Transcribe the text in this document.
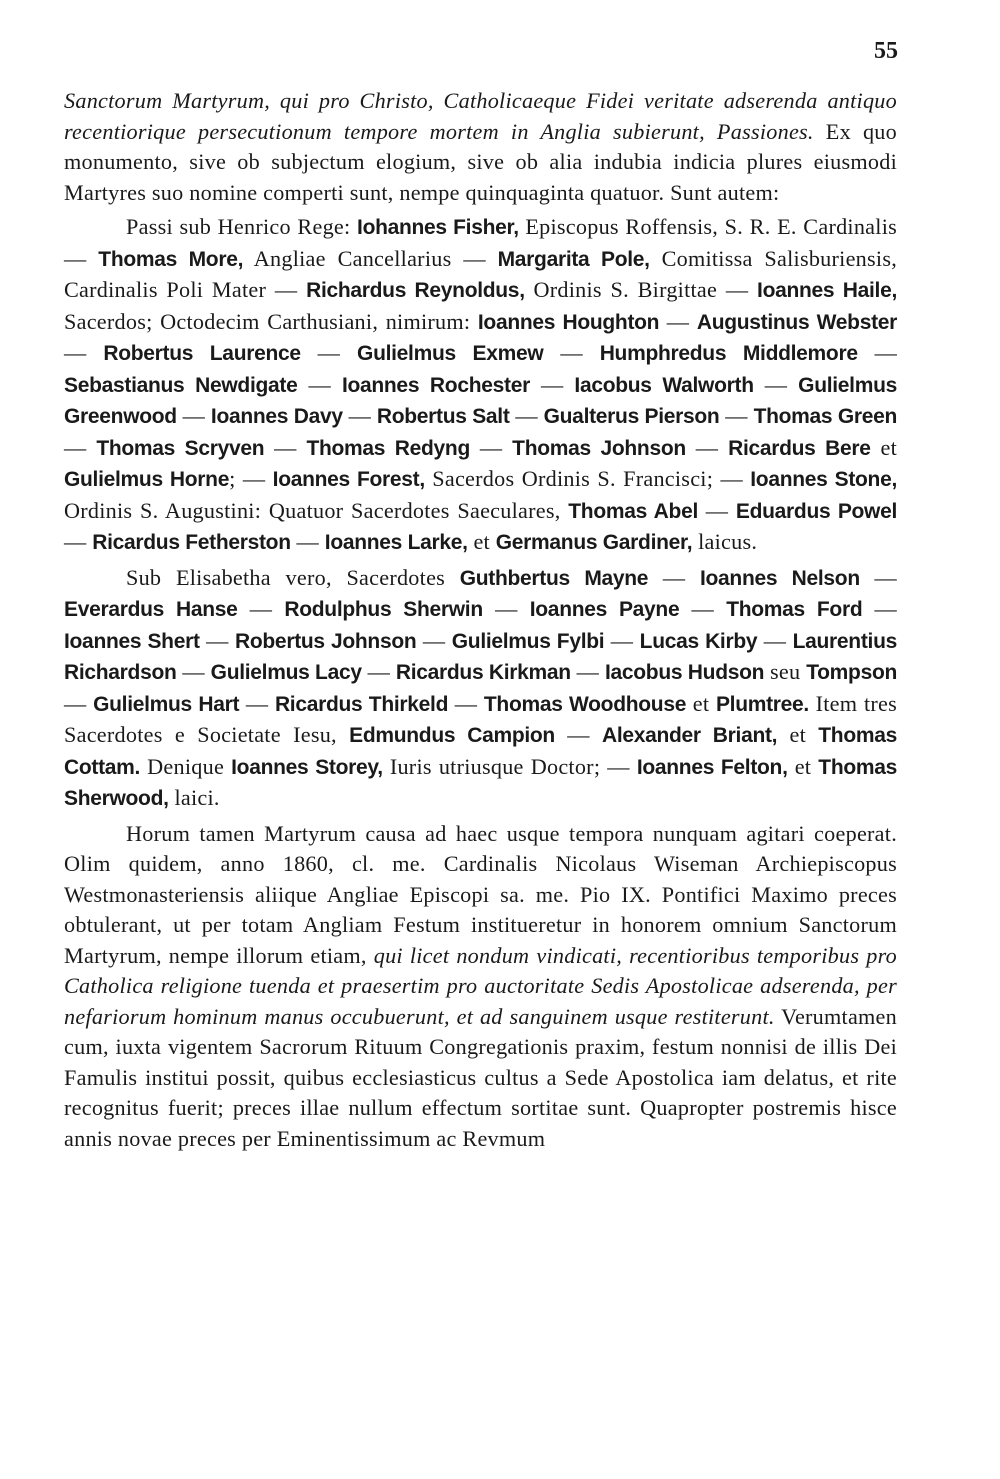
55

Sanctorum Martyrum, qui pro Christo, Catholicaeque Fidei veritate adserenda antiquo recentiorique persecutionum tempore mortem in Anglia subierunt, Passiones. Ex quo monumento, sive ob subjectum elogium, sive ob alia indubia indicia plures eiusmodi Martyres suo nomine comperti sunt, nempe quinquaginta quatuor. Sunt autem:

Passi sub Henrico Rege: Iohannes Fisher, Episcopus Roffensis, S. R. E. Cardinalis — Thomas More, Angliae Cancellarius — Margarita Pole, Comitissa Salisburiensis, Cardinalis Poli Mater — Richardus Reynoldus, Ordinis S. Birgittae — Ioannes Haile, Sacerdos; Octodecim Carthusiani, nimirum: Ioannes Houghton — Augustinus Webster — Robertus Laurence — Gulielmus Exmew — Humphredus Middlemore — Sebastianus Newdigate — Ioannes Rochester — Iacobus Walworth — Gulielmus Greenwood — Ioannes Davy — Robertus Salt — Gualterus Pierson — Thomas Green — Thomas Scryven — Thomas Redyng — Thomas Johnson — Ricardus Bere et Gulielmus Horne; — Ioannes Forest, Sacerdos Ordinis S. Francisci; — Ioannes Stone, Ordinis S. Augustini: Quatuor Sacerdotes Saeculares, Thomas Abel — Eduardus Powel — Ricardus Fetherston — Ioannes Larke, et Germanus Gardiner, laicus.

Sub Elisabetha vero, Sacerdotes Guthbertus Mayne — Ioannes Nelson — Everardus Hanse — Rodulphus Sherwin — Ioannes Payne — Thomas Ford — Ioannes Shert — Robertus Johnson — Gulielmus Fylbi — Lucas Kirby — Laurentius Richardson — Gulielmus Lacy — Ricardus Kirkman — Iacobus Hudson seu Tompson — Gulielmus Hart — Ricardus Thirkeld — Thomas Woodhouse et Plumtree. Item tres Sacerdotes e Societate Iesu, Edmundus Campion — Alexander Briant, et Thomas Cottam. Denique Ioannes Storey, Iuris utriusque Doctor; — Ioannes Felton, et Thomas Sherwood, laici.

Horum tamen Martyrum causa ad haec usque tempora nunquam agitari coeperat. Olim quidem, anno 1860, cl. me. Cardinalis Nicolaus Wiseman Archiepiscopus Westmonasteriensis aliique Angliae Episcopi sa. me. Pio IX. Pontifici Maximo preces obtulerant, ut per totam Angliam Festum institueretur in honorem omnium Sanctorum Martyrum, nempe illorum etiam, qui licet nondum vindicati, recentioribus temporibus pro Catholica religione tuenda et praesertim pro auctoritate Sedis Apostolicae adserenda, per nefariorum hominum manus occubuerunt, et ad sanguinem usque restiterunt. Verumtamen cum, iuxta vigentem Sacrorum Rituum Congregationis praxim, festum nonnisi de illis Dei Famulis institui possit, quibus ecclesiasticus cultus a Sede Apostolica iam delatus, et rite recognitus fuerit; preces illae nullum effectum sortitae sunt. Quapropter postremis hisce annis novae preces per Eminentissimum ac Revmum
